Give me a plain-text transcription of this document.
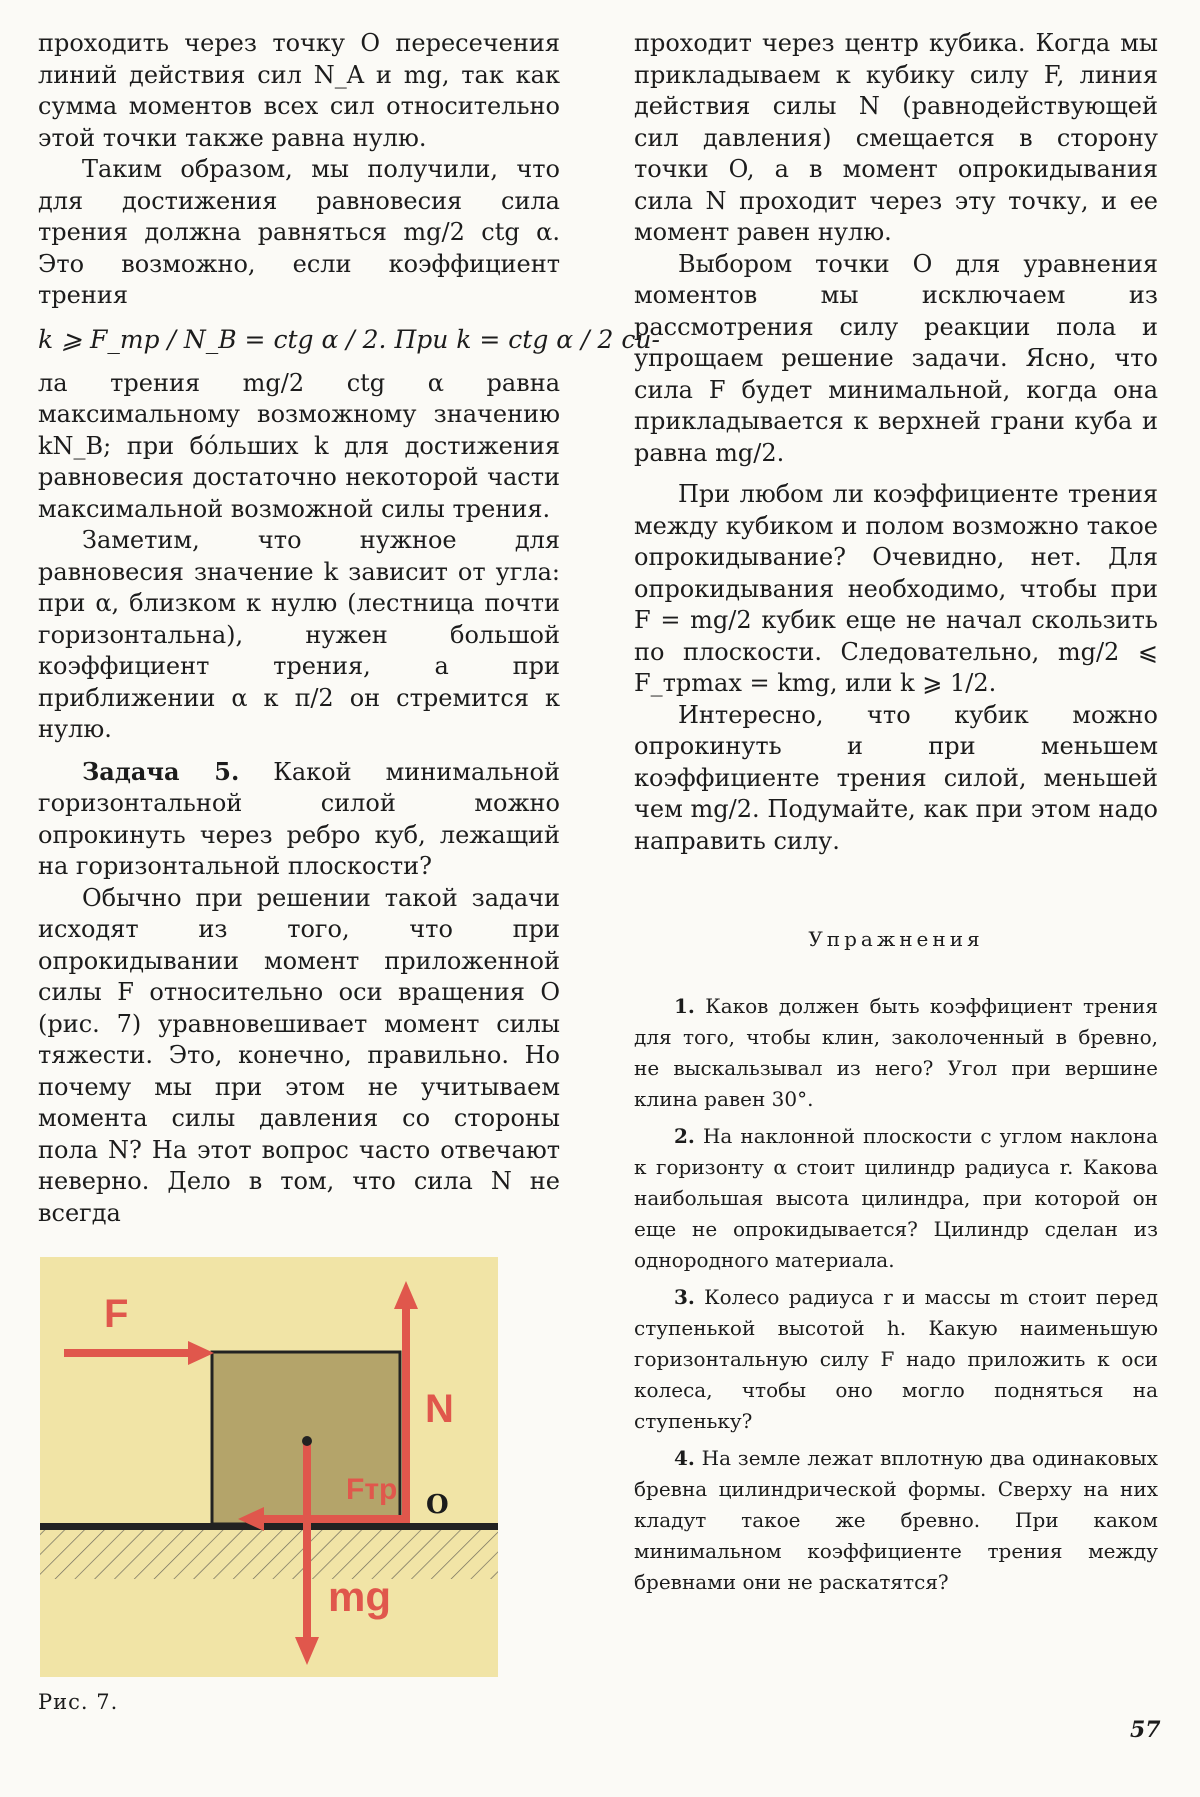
проходить через точку O пересечения линий действия сил N_A и mg, так как сумма моментов всех сил относительно этой точки также равна нулю.

Таким образом, мы получили, что для достижения равновесия сила трения должна равняться mg/2 ctg α. Это возможно, если коэффициент трения

k ⩾ F_тр / N_B = ctg α / 2. При k = ctg α / 2 си-

ла трения mg/2 ctg α равна максимальному возможному значению kN_B; при бóльших k для достижения равновесия достаточно некоторой части максимальной возможной силы трения.

Заметим, что нужное для равновесия значение k зависит от угла: при α, близком к нулю (лестница почти горизонтальна), нужен большой коэффициент трения, а при приближении α к π/2 он стремится к нулю.

Задача 5. Какой минимальной горизонтальной силой можно опрокинуть через ребро куб, лежащий на горизонтальной плоскости?

Обычно при решении такой задачи исходят из того, что при опрокидывании момент приложенной силы F относительно оси вращения O (рис. 7) уравновешивает момент силы тяжести. Это, конечно, правильно. Но почему мы при этом не учитываем момента силы давления со стороны пола N? На этот вопрос часто отвечают неверно. Дело в том, что сила N не всегда

проходит через центр кубика. Когда мы прикладываем к кубику силу F, линия действия силы N (равнодействующей сил давления) смещается в сторону точки O, а в момент опрокидывания сила N проходит через эту точку, и ее момент равен нулю.

Выбором точки O для уравнения моментов мы исключаем из рассмотрения силу реакции пола и упрощаем решение задачи. Ясно, что сила F будет минимальной, когда она прикладывается к верхней грани куба и равна mg/2.

При любом ли коэффициенте трения между кубиком и полом возможно такое опрокидывание? Очевидно, нет. Для опрокидывания необходимо, чтобы при F = mg/2 кубик еще не начал скользить по плоскости. Следовательно, mg/2 ⩽ F_трmax = kmg, или k ⩾ 1/2.

Интересно, что кубик можно опрокинуть и при меньшем коэффициенте трения силой, меньшей чем mg/2. Подумайте, как при этом надо направить силу.

Упражнения

1. Каков должен быть коэффициент трения для того, чтобы клин, заколоченный в бревно, не выскальзывал из него? Угол при вершине клина равен 30°.

2. На наклонной плоскости с углом наклона к горизонту α стоит цилиндр радиуса r. Какова наибольшая высота цилиндра, при которой он еще не опрокидывается? Цилиндр сделан из однородного материала.

3. Колесо радиуса r и массы m стоит перед ступенькой высотой h. Какую наименьшую горизонтальную силу F надо приложить к оси колеса, чтобы оно могло подняться на ступеньку?

4. На земле лежат вплотную два одинаковых бревна цилиндрической формы. Сверху на них кладут такое же бревно. При каком минимальном коэффициенте трения между бревнами они не раскатятся?

F
N
Fтр O
mg
Рис. 7.
57
